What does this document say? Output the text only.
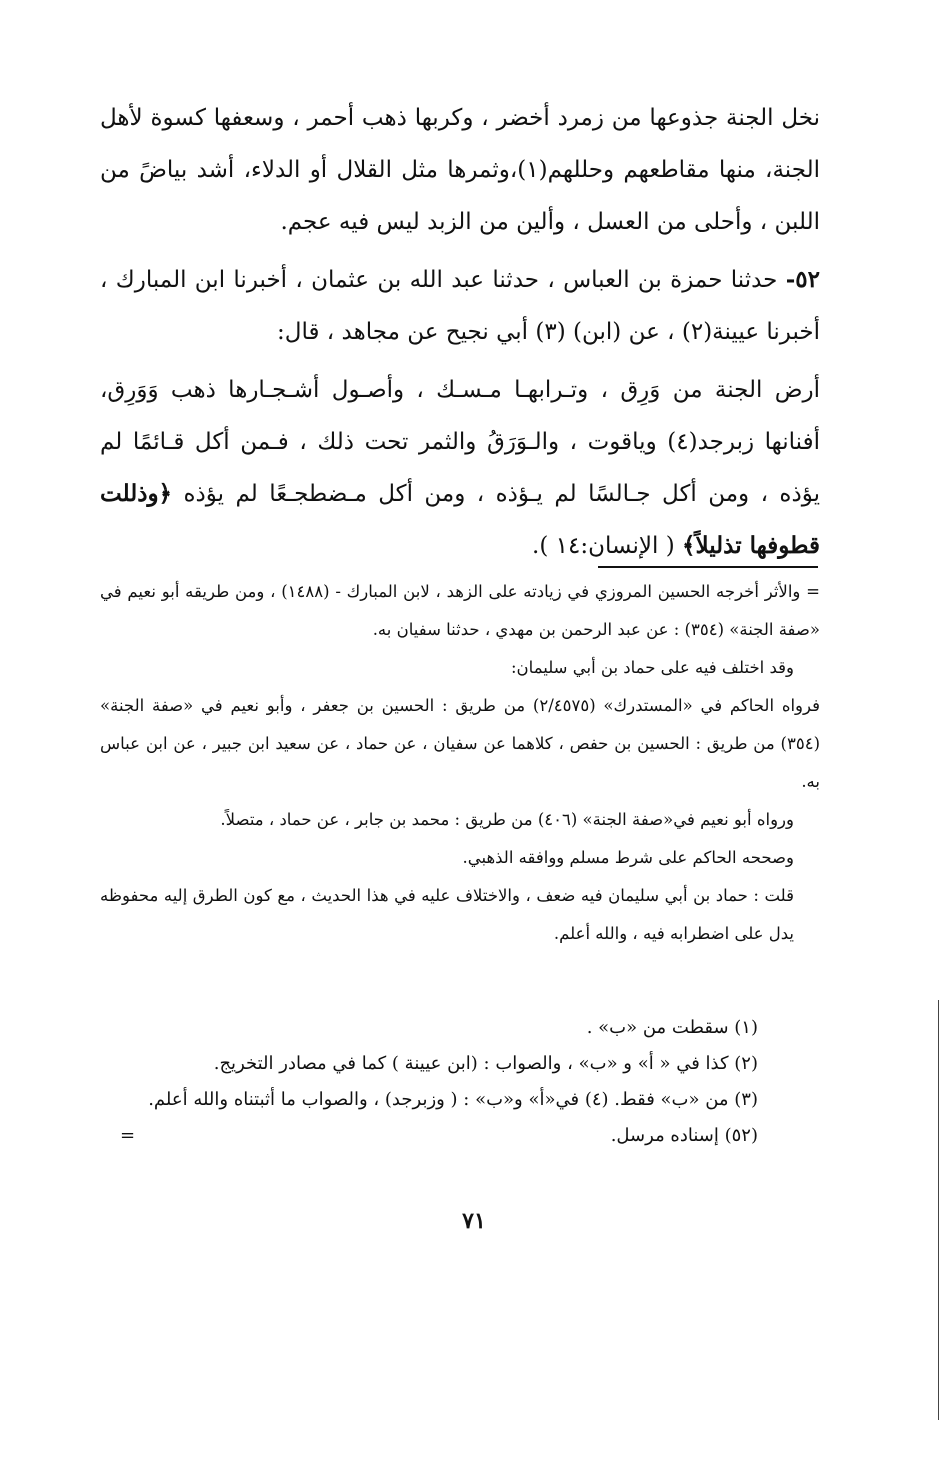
نخل الجنة جذوعها من زمرد أخضر ، وكربها ذهب أحمر ، وسعفها كسوة لأهل الجنة، منها مقاطعهم وحللهم(١)،وثمرها مثل القلال أو الدلاء، أشد بياضً من اللبن ، وأحلى من العسل ، وألين من الزبد ليس فيه عجم.

٥٢- حدثنا حمزة بن العباس ، حدثنا عبد الله بن عثمان ، أخبرنا ابن المبارك ، أخبرنا عيينة(٢) ، عن (ابن) (٣) أبي نجيح عن مجاهد ، قال:

أرض الجنة من وَرِق ، وتـرابهـا مـسـك ، وأصـول أشـجـارها ذهب وَوَرِق، أفنانها زبرجد(٤) وياقوت ، والـوَرَقُ والثمر تحت ذلك ، فـمن أكل قـائمًا لم يؤذه ، ومن أكل جـالسًا لم يـؤذه ، ومن أكل مـضطجـعًا لم يؤذه ﴿وذللت قطوفها تذليلاً﴾ ( الإنسان:١٤ ).

= والأثر أخرجه الحسين المروزي في زيادته على الزهد ، لابن المبارك - (١٤٨٨) ، ومن طريقه أبو نعيم في «صفة الجنة» (٣٥٤) : عن عبد الرحمن بن مهدي ، حدثنا سفيان به.

وقد اختلف فيه على حماد بن أبي سليمان:

فرواه الحاكم في «المستدرك» (٢/٤٥٧٥) من طريق : الحسين بن جعفر ، وأبو نعيم في «صفة الجنة» (٣٥٤) من طريق : الحسين بن حفص ، كلاهما عن سفيان ، عن حماد ، عن سعيد ابن جبير ، عن ابن عباس به.

ورواه أبو نعيم في«صفة الجنة» (٤٠٦) من طريق : محمد بن جابر ، عن حماد ، متصلاً.

وصححه الحاكم على شرط مسلم ووافقه الذهبي.

قلت : حماد بن أبي سليمان فيه ضعف ، والاختلاف عليه في هذا الحديث ، مع كون الطرق إليه محفوظه يدل على اضطرابه فيه ، والله أعلم.

(١) سقطت من «ب» .

(٢) كذا في « أ» و «ب» ، والصواب : (ابن عيينة ) كما في مصادر التخريج.

(٣) من «ب» فقط. (٤) في«أ» و«ب» : ( وزبرجد) ، والصواب ما أثبتناه والله أعلم.

(٥٢) إسناده مرسل.
=

٧١
